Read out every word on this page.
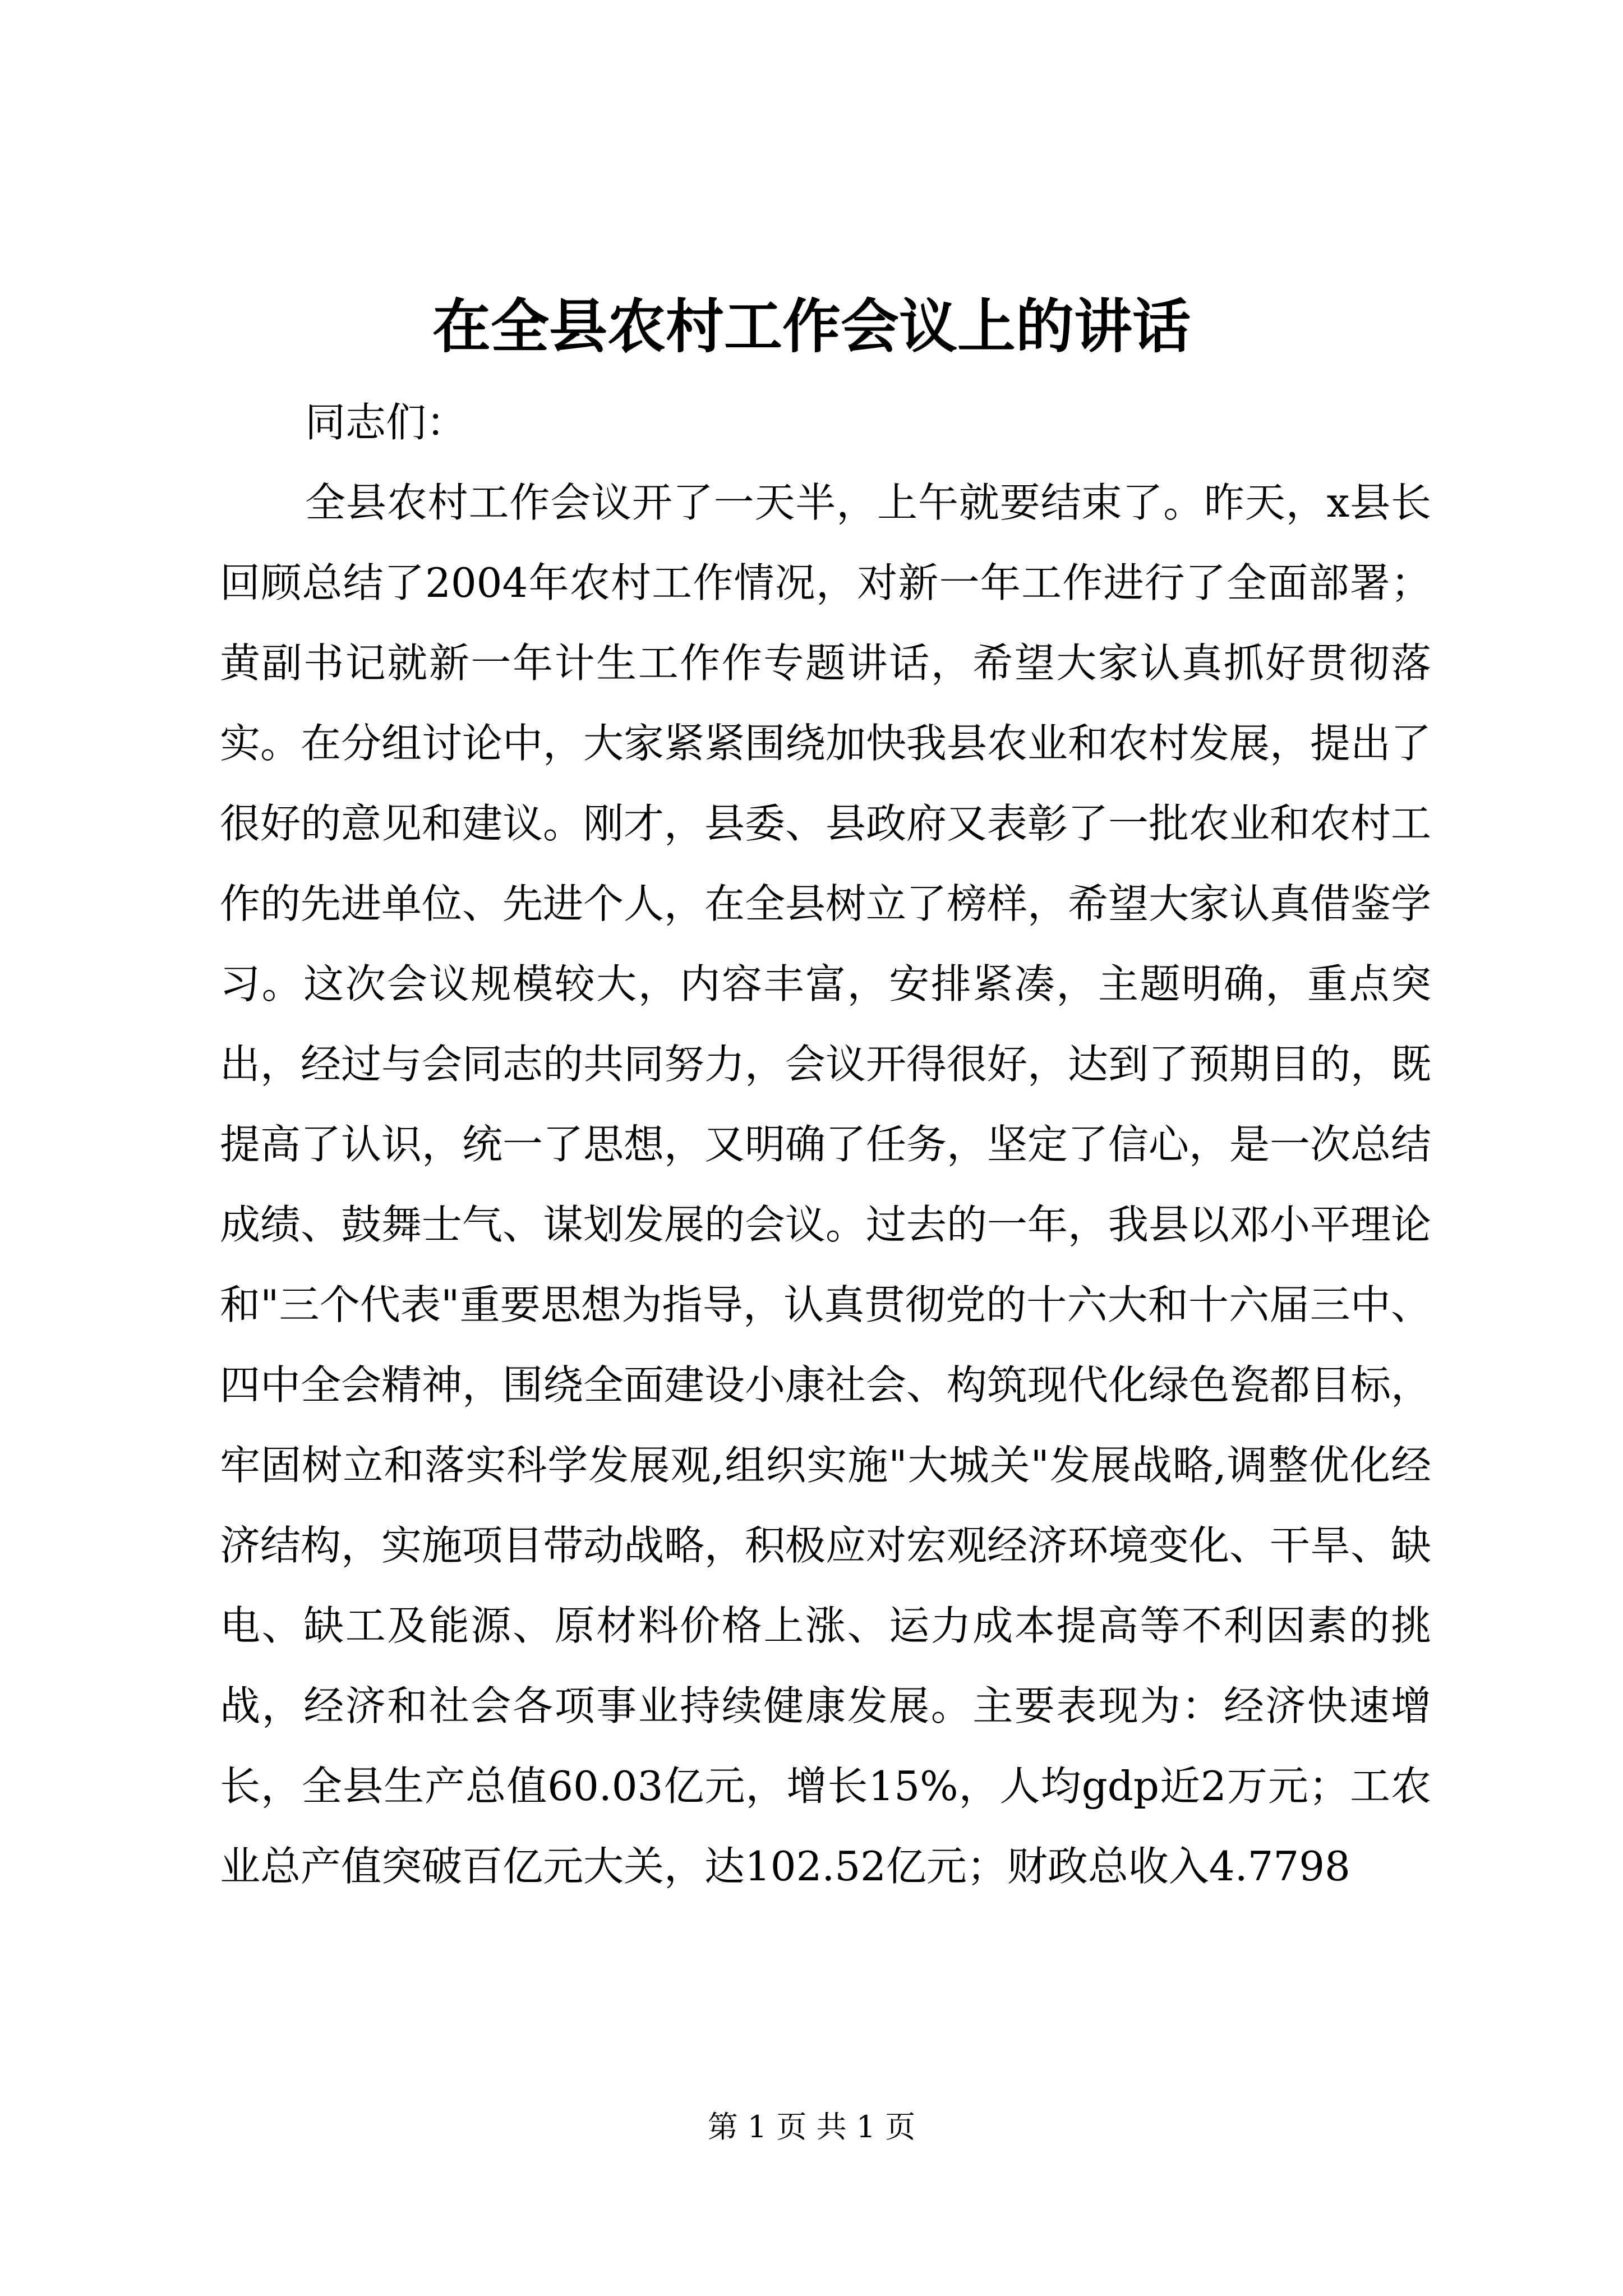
在全县农村工作会议上的讲话

同志们：

全县农村工作会议开了一天半，上午就要结束了。昨天，x县长回顾总结了2004年农村工作情况，对新一年工作进行了全面部署；黄副书记就新一年计生工作作专题讲话，希望大家认真抓好贯彻落实。在分组讨论中，大家紧紧围绕加快我县农业和农村发展，提出了很好的意见和建议。刚才，县委、县政府又表彰了一批农业和农村工作的先进单位、先进个人，在全县树立了榜样，希望大家认真借鉴学习。这次会议规模较大，内容丰富，安排紧凑，主题明确，重点突出，经过与会同志的共同努力，会议开得很好，达到了预期目的，既提高了认识，统一了思想，又明确了任务，坚定了信心，是一次总结成绩、鼓舞士气、谋划发展的会议。过去的一年，我县以邓小平理论和"三个代表"重要思想为指导，认真贯彻党的十六大和十六届三中、四中全会精神，围绕全面建设小康社会、构筑现代化绿色瓷都目标，牢固树立和落实科学发展观,组织实施"大城关"发展战略,调整优化经济结构，实施项目带动战略，积极应对宏观经济环境变化、干旱、缺电、缺工及能源、原材料价格上涨、运力成本提高等不利因素的挑战，经济和社会各项事业持续健康发展。主要表现为：经济快速增长，全县生产总值60.03亿元，增长15%，人均gdp近2万元；工农业总产值突破百亿元大关，达102.52亿元；财政总收入4.7798

第 1 页 共 1 页
